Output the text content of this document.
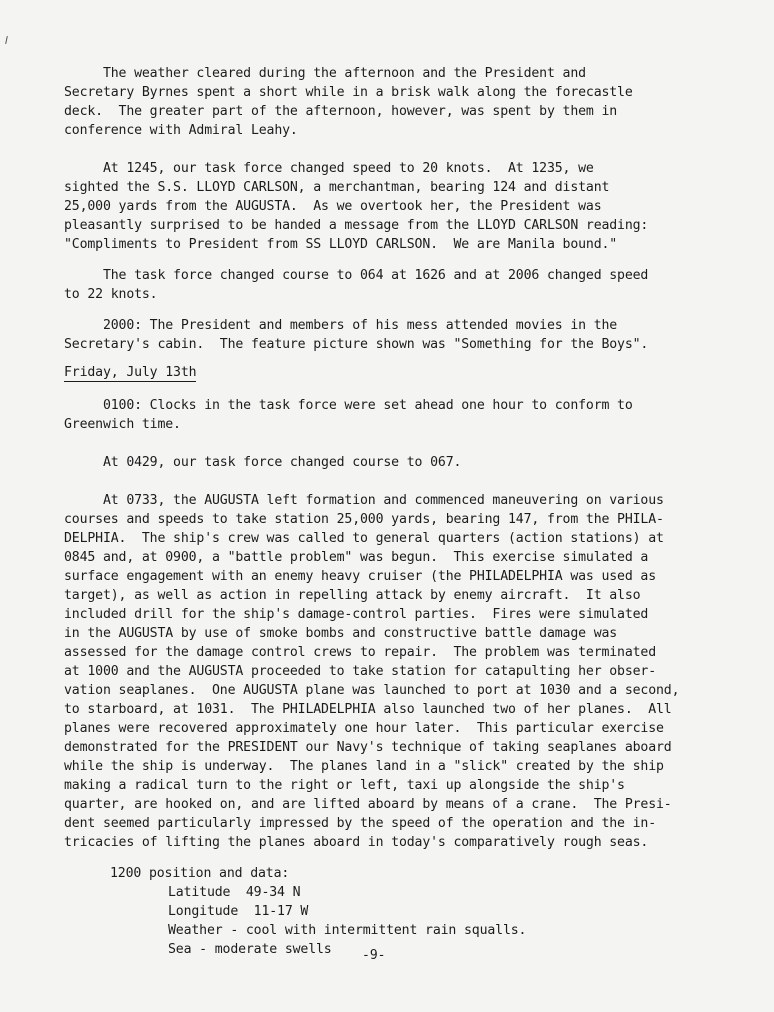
The weather cleared during the afternoon and the President and

Secretary Byrnes spent a short while in a brisk walk along the forecastle

deck.  The greater part of the afternoon, however, was spent by them in

conference with Admiral Leahy.

At 1245, our task force changed speed to 20 knots.  At 1235, we

sighted the S.S. LLOYD CARLSON, a merchantman, bearing 124 and distant

25,000 yards from the AUGUSTA.  As we overtook her, the President was

pleasantly surprised to be handed a message from the LLOYD CARLSON reading:

"Compliments to President from SS LLOYD CARLSON.  We are Manila bound."

The task force changed course to 064 at 1626 and at 2006 changed speed

to 22 knots.

2000: The President and members of his mess attended movies in the

Secretary's cabin.  The feature picture shown was "Something for the Boys".

Friday, July 13th

0100: Clocks in the task force were set ahead one hour to conform to

Greenwich time.

At 0429, our task force changed course to 067.

At 0733, the AUGUSTA left formation and commenced maneuvering on various

courses and speeds to take station 25,000 yards, bearing 147, from the PHILA-

DELPHIA.  The ship's crew was called to general quarters (action stations) at

0845 and, at 0900, a "battle problem" was begun.  This exercise simulated a

surface engagement with an enemy heavy cruiser (the PHILADELPHIA was used as

target), as well as action in repelling attack by enemy aircraft.  It also

included drill for the ship's damage-control parties.  Fires were simulated

in the AUGUSTA by use of smoke bombs and constructive battle damage was

assessed for the damage control crews to repair.  The problem was terminated

at 1000 and the AUGUSTA proceeded to take station for catapulting her obser-

vation seaplanes.  One AUGUSTA plane was launched to port at 1030 and a second,

to starboard, at 1031.  The PHILADELPHIA also launched two of her planes.  All

planes were recovered approximately one hour later.  This particular exercise

demonstrated for the PRESIDENT our Navy's technique of taking seaplanes aboard

while the ship is underway.  The planes land in a "slick" created by the ship

making a radical turn to the right or left, taxi up alongside the ship's

quarter, are hooked on, and are lifted aboard by means of a crane.  The Presi-

dent seemed particularly impressed by the speed of the operation and the in-

tricacies of lifting the planes aboard in today's comparatively rough seas.

1200 position and data:

Latitude  49-34 N

Longitude  11-17 W

Weather - cool with intermittent rain squalls.

Sea - moderate swells	-9-
